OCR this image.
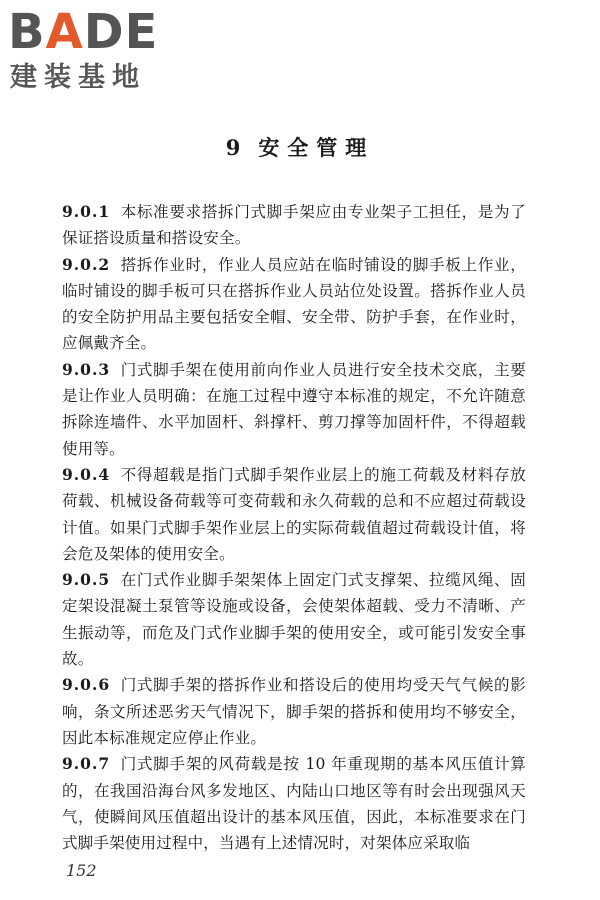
BADE
建装基地
9 安全管理

9.0.1 本标准要求搭拆门式脚手架应由专业架子工担任，是为了保证搭设质量和搭设安全。

9.0.2 搭拆作业时，作业人员应站在临时铺设的脚手板上作业，临时铺设的脚手板可只在搭拆作业人员站位处设置。搭拆作业人员的安全防护用品主要包括安全帽、安全带、防护手套，在作业时，应佩戴齐全。

9.0.3 门式脚手架在使用前向作业人员进行安全技术交底，主要是让作业人员明确：在施工过程中遵守本标准的规定，不允许随意拆除连墙件、水平加固杆、斜撑杆、剪刀撑等加固杆件，不得超载使用等。

9.0.4 不得超载是指门式脚手架作业层上的施工荷载及材料存放荷载、机械设备荷载等可变荷载和永久荷载的总和不应超过荷载设计值。如果门式脚手架作业层上的实际荷载值超过荷载设计值，将会危及架体的使用安全。

9.0.5 在门式作业脚手架架体上固定门式支撑架、拉缆风绳、固定架设混凝土泵管等设施或设备，会使架体超载、受力不清晰、产生振动等，而危及门式作业脚手架的使用安全，或可能引发安全事故。

9.0.6 门式脚手架的搭拆作业和搭设后的使用均受天气气候的影响，条文所述恶劣天气情况下，脚手架的搭拆和使用均不够安全，因此本标准规定应停止作业。

9.0.7 门式脚手架的风荷载是按 10 年重现期的基本风压值计算的，在我国沿海台风多发地区、内陆山口地区等有时会出现强风天气，使瞬间风压值超出设计的基本风压值，因此，本标准要求在门式脚手架使用过程中，当遇有上述情况时，对架体应采取临

152
